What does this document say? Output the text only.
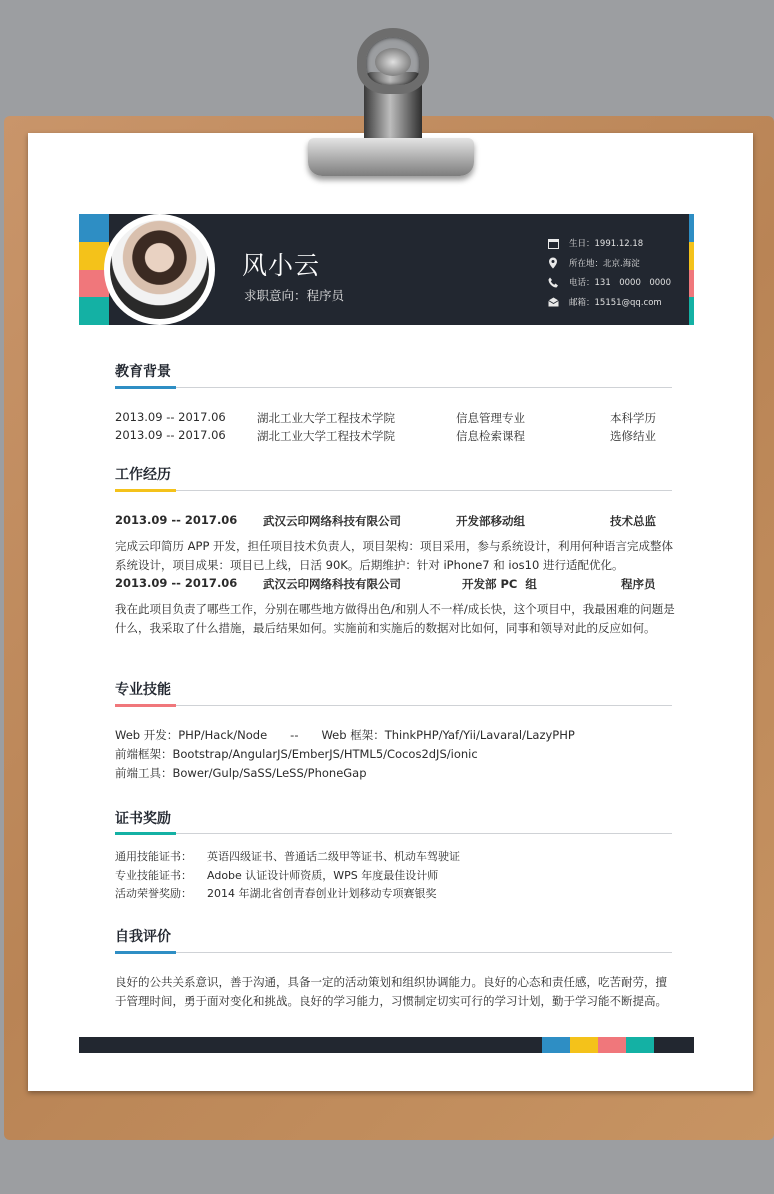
风小云
求职意向：程序员
生日：1991.12.18
所在地：北京.海淀
电话：131　0000　0000
邮箱：15151@qq.com
教育背景
2013.09 -- 2017.06	湖北工业大学工程技术学院	信息管理专业	本科学历
2013.09 -- 2017.06	湖北工业大学工程技术学院	信息检索课程	选修结业
工作经历
2013.09 -- 2017.06 武汉云印网络科技有限公司	开发部移动组	技术总监
完成云印简历 APP 开发，担任项目技术负责人，项目架构：项目采用，参与系统设计，利用何种语言完成整体系统设计，项目成果：项目已上线，日活 90K。后期维护：针对 iPhone7 和 ios10 进行适配优化。
2013.09 -- 2017.06 武汉云印网络科技有限公司	开发部 PC  组	程序员
我在此项目负责了哪些工作，分别在哪些地方做得出色/和别人不一样/成长快，这个项目中，我最困难的问题是什么，我采取了什么措施，最后结果如何。实施前和实施后的数据对比如何，同事和领导对此的反应如何。
专业技能
Web 开发：PHP/Hack/Node　　--　　Web 框架：ThinkPHP/Yaf/Yii/Lavaral/LazyPHP
前端框架：Bootstrap/AngularJS/EmberJS/HTML5/Cocos2dJS/ionic
前端工具：Bower/Gulp/SaSS/LeSS/PhoneGap
证书奖励
通用技能证书： 英语四级证书、普通话二级甲等证书、机动车驾驶证
专业技能证书： Adobe 认证设计师资质，WPS 年度最佳设计师
活动荣誉奖励： 2014 年湖北省创青春创业计划移动专项赛银奖
自我评价
良好的公共关系意识，善于沟通，具备一定的活动策划和组织协调能力。良好的心态和责任感，吃苦耐劳，擅于管理时间，勇于面对变化和挑战。良好的学习能力，习惯制定切实可行的学习计划，勤于学习能不断提高。
